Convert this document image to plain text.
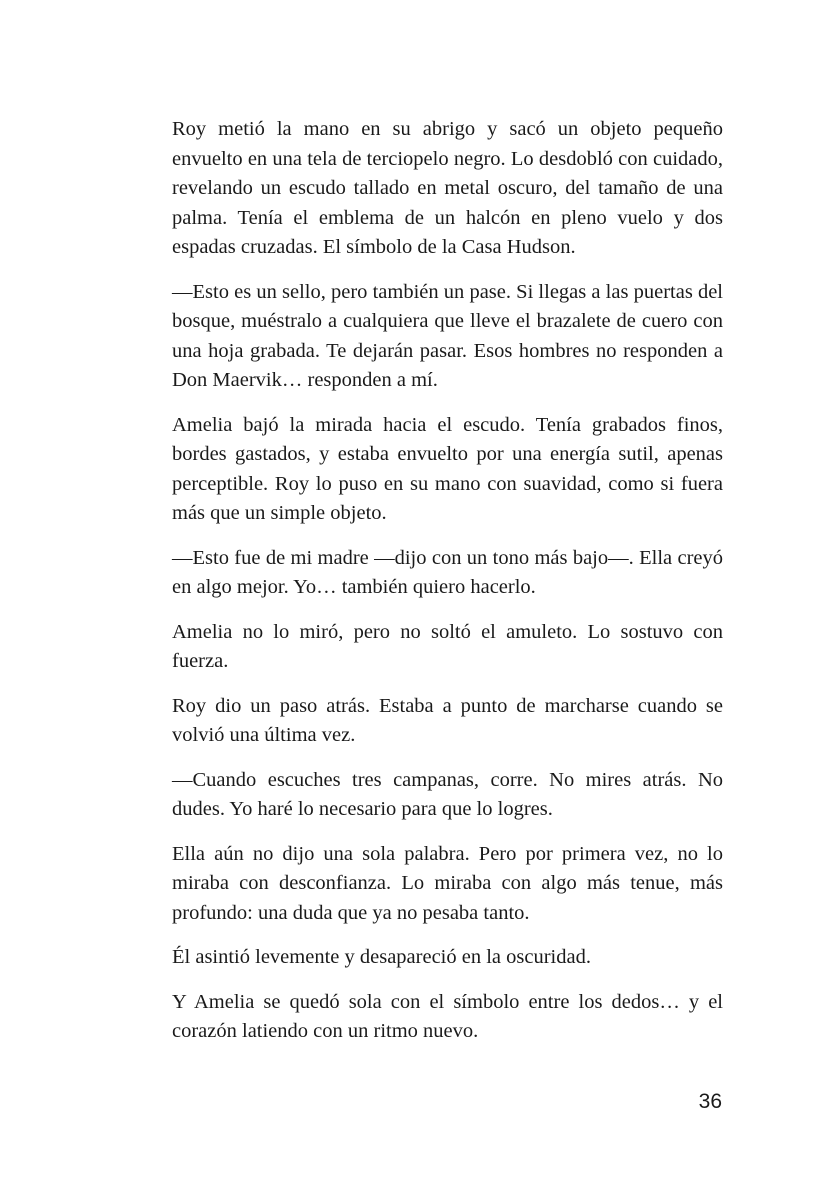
Roy metió la mano en su abrigo y sacó un objeto pequeño envuelto en una tela de terciopelo negro. Lo desdobló con cuidado, revelando un escudo tallado en metal oscuro, del tamaño de una palma. Tenía el emblema de un halcón en pleno vuelo y dos espadas cruzadas. El símbolo de la Casa Hudson.

—Esto es un sello, pero también un pase. Si llegas a las puertas del bosque, muéstralo a cualquiera que lleve el brazalete de cuero con una hoja grabada. Te dejarán pasar. Esos hombres no responden a Don Maervik… responden a mí.

Amelia bajó la mirada hacia el escudo. Tenía grabados finos, bordes gastados, y estaba envuelto por una energía sutil, apenas perceptible. Roy lo puso en su mano con suavidad, como si fuera más que un simple objeto.

—Esto fue de mi madre —dijo con un tono más bajo—. Ella creyó en algo mejor. Yo… también quiero hacerlo.

Amelia no lo miró, pero no soltó el amuleto. Lo sostuvo con fuerza.

Roy dio un paso atrás. Estaba a punto de marcharse cuando se volvió una última vez.

—Cuando escuches tres campanas, corre. No mires atrás. No dudes. Yo haré lo necesario para que lo logres.

Ella aún no dijo una sola palabra. Pero por primera vez, no lo miraba con desconfianza. Lo miraba con algo más tenue, más profundo: una duda que ya no pesaba tanto.

Él asintió levemente y desapareció en la oscuridad.

Y Amelia se quedó sola con el símbolo entre los dedos… y el corazón latiendo con un ritmo nuevo.

36
